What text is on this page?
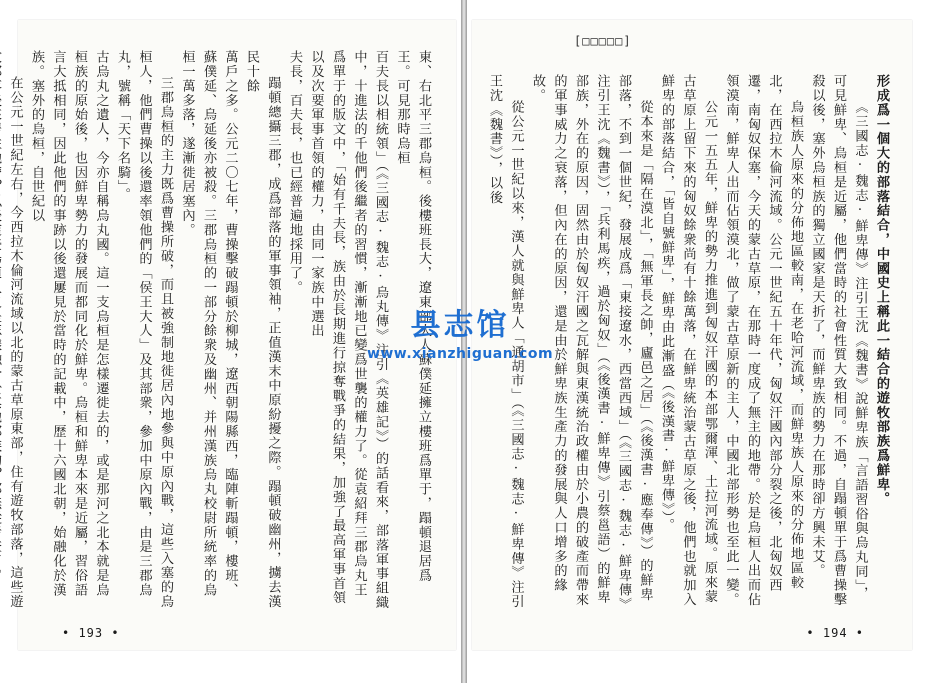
東、右北平三郡烏桓。後樓班長大，遼東部大人蘇僕延擁立樓班爲單于，蹋頓退居爲王。可見那時烏桓

百夫長以相統領」（《三國志·魏志·烏丸傳》注引《英雄記》）的話看來，部落軍事組織中，十進法的千他們後繼者的習慣，漸漸地已變爲世襲的權力了。從袁紹拜三郡烏丸王爲單于的版文中，「始有千夫長，族由於長期進行掠奪戰爭的結果，加強了最高軍事首領以及次要軍事首領的權力，由同一家族中選出

夫長，百夫長，也已經普遍地採用了。

蹋頓總攝三郡，成爲部落的軍事領袖，正值漢末中原紛擾之際。蹋頓破幽州，擄去漢民十餘

萬戶之多。公元二〇七年，曹操擊破蹋頓於柳城，遼西朝陽縣西，臨陣斬蹋頓，樓班、蘇僕延、烏延後亦被殺。三郡烏桓的一部分餘衆及幽州、并州漢族烏丸校尉所統率的烏桓一萬多落，遂漸徙居塞內。

三郡烏桓的主力既爲曹操所破，而且被強制地徙居內地參與中原內戰，這些入塞的烏桓人，他們曹操以後還率領他們的「侯王大人」及其部衆，參加中原內戰，由是三郡烏丸，號稱「天下名騎」。

古烏丸之遺人，今亦自稱烏丸國。這一支烏桓是怎樣遷徙去的，或是那河之北本就是烏桓族的原始後，也因鮮卑勢力的發展而都同化於鮮卑。烏桓和鮮卑本來是近屬，習俗語言大抵相同，因此他們的事跡以後還屢見於當時的記載中，歷十六國北朝，始融化於漢族。塞外的烏桓，自世紀以

在公元一世紀左右，今西拉木倫河流域以北的蒙古草原東部，住有遊牧部落，這些遊

• 193 •
[□□□□□]

形成爲一個大的部落結合，中國史上稱此一結合的遊牧部族爲鮮卑。

《三國志·魏志·鮮卑傳》注引王沈《魏書》說鮮卑族「言語習俗與烏丸同」，可見鮮卑、烏桓是近屬，他們當時的社會性質大致相同。不過，自蹋頓單于爲曹操擊殺以後，塞外烏桓族的獨立國家是天折了，而鮮卑族的勢力在那時卻方興未艾。

烏桓族人原來的分佈地區較南，在老哈河流域，而鮮卑族人原來的分佈地區較北，在西拉木倫河流域。公元一世紀五十年代，匈奴汗國內部分裂之後，北匈奴西遷，南匈奴保塞，今天的蒙古草原，在那時一度成了無主的地帶。於是烏桓人出而佔領漠南，鮮卑人出而佔領漠北，做了蒙古草原新的主人，中國北部形勢也至此一變。

公元一五五年，鮮卑的勢力推進到匈奴汗國的本部鄂爾渾、土拉河流域。原來蒙古草原上留下來的匈奴餘衆尚有十餘萬落，在鮮卑統治蒙古草原之後，他們也就加入鮮卑的部落結合，「皆自號鮮卑」，鮮卑由此漸盛（《後漢書·鮮卑傳》）。

從本來是「隔在漠北」，「無軍長之帥，廬邑之居」（《後漢書·應奉傳》）的鮮卑部落，不到一個世紀，發展成爲「東接遼水，西當西域」（《三國志·魏志·鮮卑傳》注引王沈《魏書》），「兵利馬疾，過於匈奴」（《後漢書·鮮卑傳》引蔡邕語）的鮮卑部族，外在的原因，固然由於匈奴汗國之瓦解與東漢統治政權由於小農的破產而帶來的軍事威力之衰落，但內在的原因，還是由於鮮卑族生產力的發展與人口增多的緣故。

從公元一世紀以來，漢人就與鮮卑人「通胡市」（《三國志·魏志·鮮卑傳》注引王沈《魏書》），以後

• 194 •
县志馆
www.xianzhiguan.com
